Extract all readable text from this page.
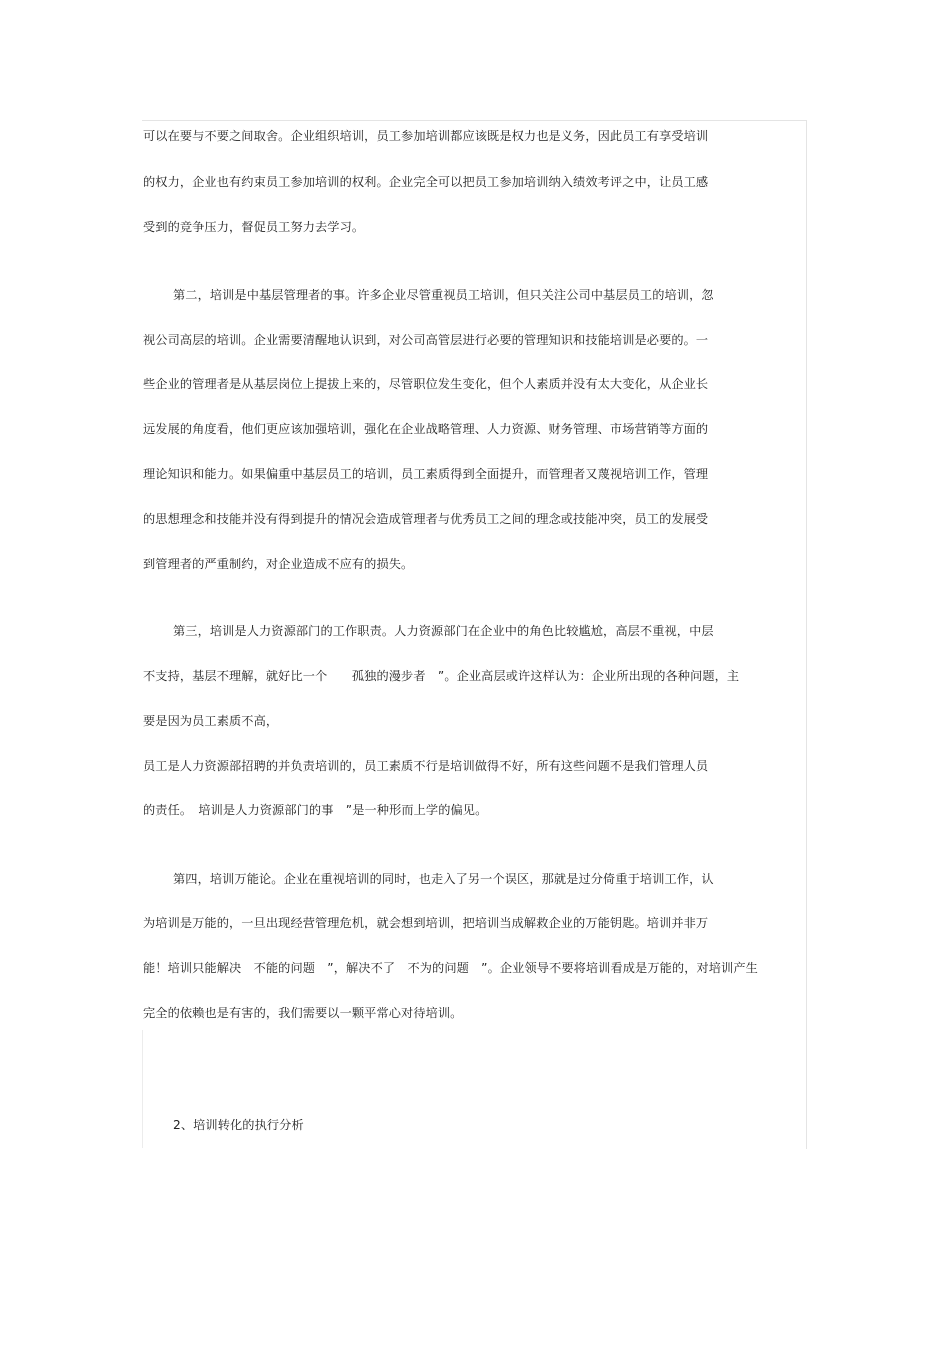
可以在要与不要之间取舍。企业组织培训，员工参加培训都应该既是权力也是义务，因此员工有享受培训
的权力，企业也有约束员工参加培训的权利。企业完全可以把员工参加培训纳入绩效考评之中，让员工感
受到的竞争压力，督促员工努力去学习。
第二，培训是中基层管理者的事。许多企业尽管重视员工培训，但只关注公司中基层员工的培训，忽
视公司高层的培训。企业需要清醒地认识到，对公司高管层进行必要的管理知识和技能培训是必要的。一
些企业的管理者是从基层岗位上提拔上来的，尽管职位发生变化，但个人素质并没有太大变化，从企业长
远发展的角度看，他们更应该加强培训，强化在企业战略管理、人力资源、财务管理、市场营销等方面的
理论知识和能力。如果偏重中基层员工的培训，员工素质得到全面提升，而管理者又蔑视培训工作，管理
的思想理念和技能并没有得到提升的情况会造成管理者与优秀员工之间的理念或技能冲突，员工的发展受
到管理者的严重制约，对企业造成不应有的损失。
第三，培训是人力资源部门的工作职责。人力资源部门在企业中的角色比较尴尬，高层不重视，中层
不支持，基层不理解，就好比一个　　孤独的漫步者　”。企业高层或许这样认为：企业所出现的各种问题，主
要是因为员工素质不高，
员工是人力资源部招聘的并负责培训的，员工素质不行是培训做得不好，所有这些问题不是我们管理人员
的责任。　培训是人力资源部门的事　”是一种形而上学的偏见。
第四，培训万能论。企业在重视培训的同时，也走入了另一个误区，那就是过分倚重于培训工作，认
为培训是万能的，一旦出现经营管理危机，就会想到培训，把培训当成解救企业的万能钥匙。培训并非万
能！培训只能解决　不能的问题　”，解决不了　不为的问题　”。企业领导不要将培训看成是万能的，对培训产生
完全的依赖也是有害的，我们需要以一颗平常心对待培训。
2、培训转化的执行分析
